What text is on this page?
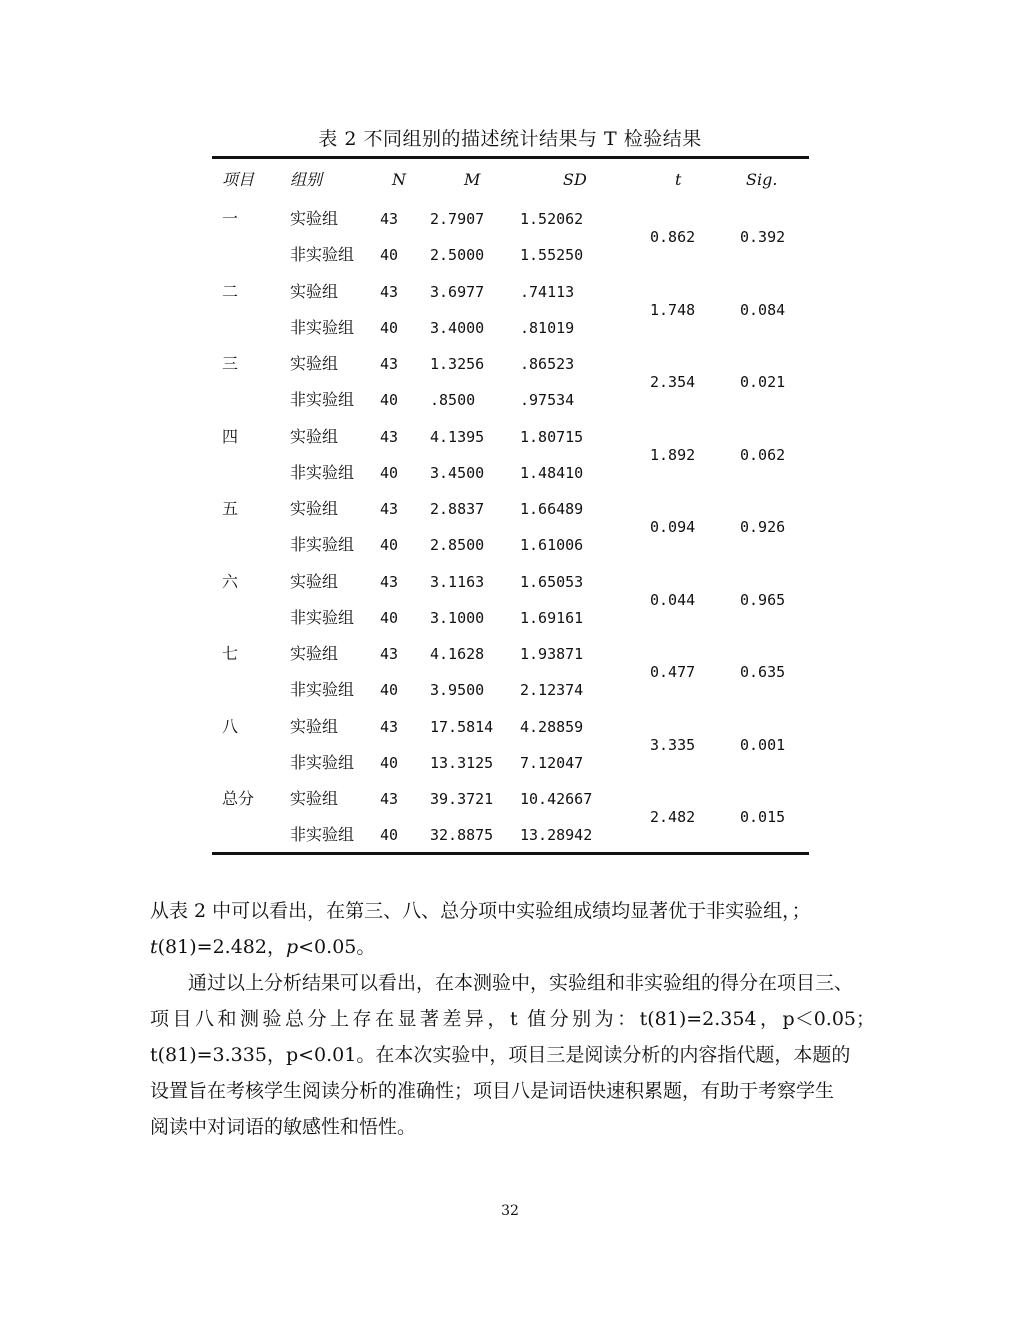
表 2 不同组别的描述统计结果与 T 检验结果
项目 组别	N	M	SD	t	Sig.
一	实验组	43 2.7907 1.52062
非实验组 40 2.5000 1.55250
0.862	0.392
二	实验组	43 3.6977 .74113
非实验组 40 3.4000 .81019
1.748	0.084
三	实验组	43 1.3256 .86523
非实验组 40 .8500	.97534
2.354	0.021
四	实验组	43 4.1395 1.80715
非实验组 40 3.4500 1.48410
1.892	0.062
五	实验组	43 2.8837 1.66489
非实验组 40 2.8500 1.61006
0.094	0.926
六	实验组	43 3.1163 1.65053
非实验组 40 3.1000 1.69161
0.044	0.965
七	实验组	43 4.1628 1.93871
非实验组 40 3.9500 2.12374
0.477	0.635
八	实验组	43 17.5814 4.28859
非实验组 40 13.3125 7.12047
3.335	0.001
总分 实验组	43 39.3721 10.42667
非实验组 40 32.8875 13.28942
2.482	0.015
从表 2 中可以看出，在第三、八、总分项中实验组成绩均显著优于非实验组，；
t(81)=2.482，p<0.05。
通过以上分析结果可以看出，在本测验中，实验组和非实验组的得分在项目三、
项目八和测验总分上存在显著差异，t 值分别为：t(81)=2.354，p＜0.05；
t(81)=3.335，p<0.01。在本次实验中，项目三是阅读分析的内容指代题，本题的
设置旨在考核学生阅读分析的准确性；项目八是词语快速积累题，有助于考察学生
阅读中对词语的敏感性和悟性。
32
